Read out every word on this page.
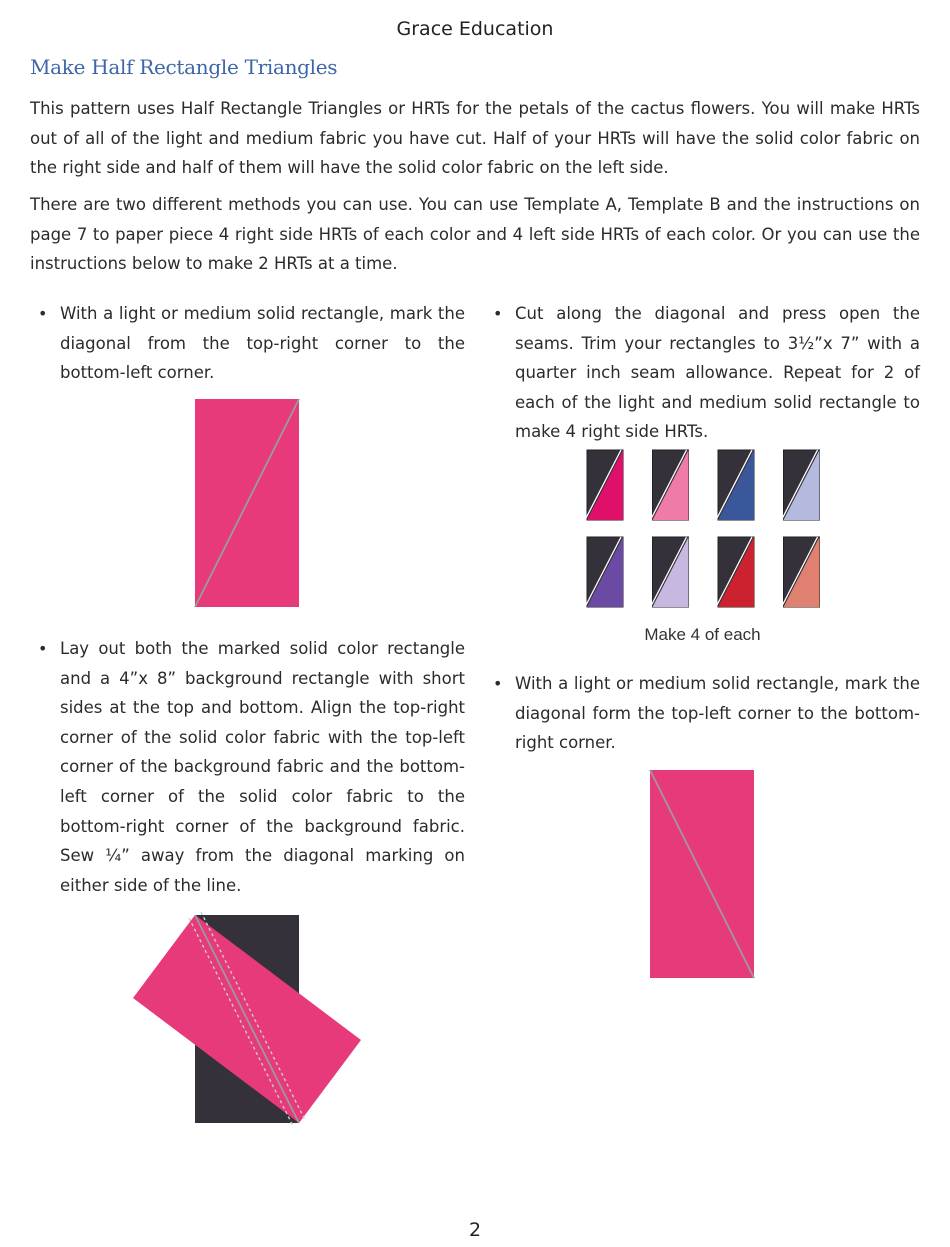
Grace Education
Make Half Rectangle Triangles

This pattern uses Half Rectangle Triangles or HRTs for the petals of the cactus flowers. You will make HRTs out of all of the light and medium fabric you have cut. Half of your HRTs will have the solid color fabric on the right side and half of them will have the solid color fabric on the left side.

There are two different methods you can use. You can use Template A, Template B and the instructions on page 7 to paper piece 4 right side HRTs of each color and 4 left side HRTs of each color. Or you can use the instructions below to make 2 HRTs at a time.

• With a light or medium solid rectangle, mark the diagonal from the top-right corner to the bottom-left corner.

• Lay out both the marked solid color rectangle and a 4”x 8” background rectangle with short sides at the top and bottom. Align the top-right corner of the solid color fabric with the top-left corner of the background fabric and the bottom-left corner of the solid color fabric to the bottom-right corner of the background fabric. Sew ¼” away from the diagonal marking on either side of the line.

• Cut along the diagonal and press open the seams. Trim your rectangles to 3½”x 7” with a quarter inch seam allowance. Repeat for 2 of each of the light and medium solid rectangle to make 4 right side HRTs.

Make 4 of each

• With a light or medium solid rectangle, mark the diagonal form the top-left corner to the bottom-right corner.

2
